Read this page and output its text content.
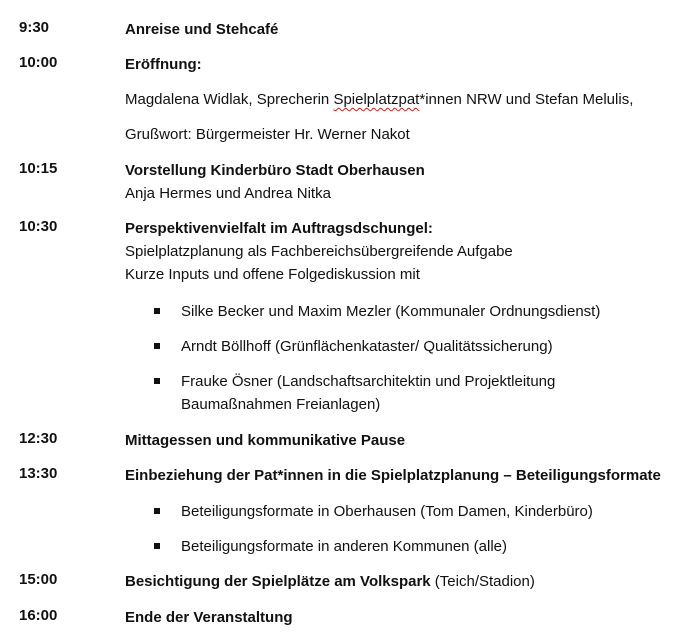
9:30	Anreise und Stehcafé
10:00	Eröffnung:
Magdalena Widlak, Sprecherin Spielplatzpat*innen NRW und Stefan Melulis,
Grußwort: Bürgermeister Hr. Werner Nakot
10:15	Vorstellung Kinderbüro Stadt Oberhausen
Anja Hermes und Andrea Nitka
10:30	Perspektivenvielfalt im Auftragsdschungel:
Spielplatzplanung als Fachbereichsübergreifende Aufgabe
Kurze Inputs und offene Folgediskussion mit
Silke Becker und Maxim Mezler (Kommunaler Ordnungsdienst)
Arndt Böllhoff (Grünflächenkataster/ Qualitätssicherung)
Frauke Ösner (Landschaftsarchitektin und Projektleitung
Baumaßnahmen Freianlagen)
12:30	Mittagessen und kommunikative Pause
13:30	Einbeziehung der Pat*innen in die Spielplatzplanung – Beteiligungsformate
Beteiligungsformate in Oberhausen (Tom Damen, Kinderbüro)
Beteiligungsformate in anderen Kommunen (alle)
15:00	Besichtigung der Spielplätze am Volkspark (Teich/Stadion)
16:00	Ende der Veranstaltung
